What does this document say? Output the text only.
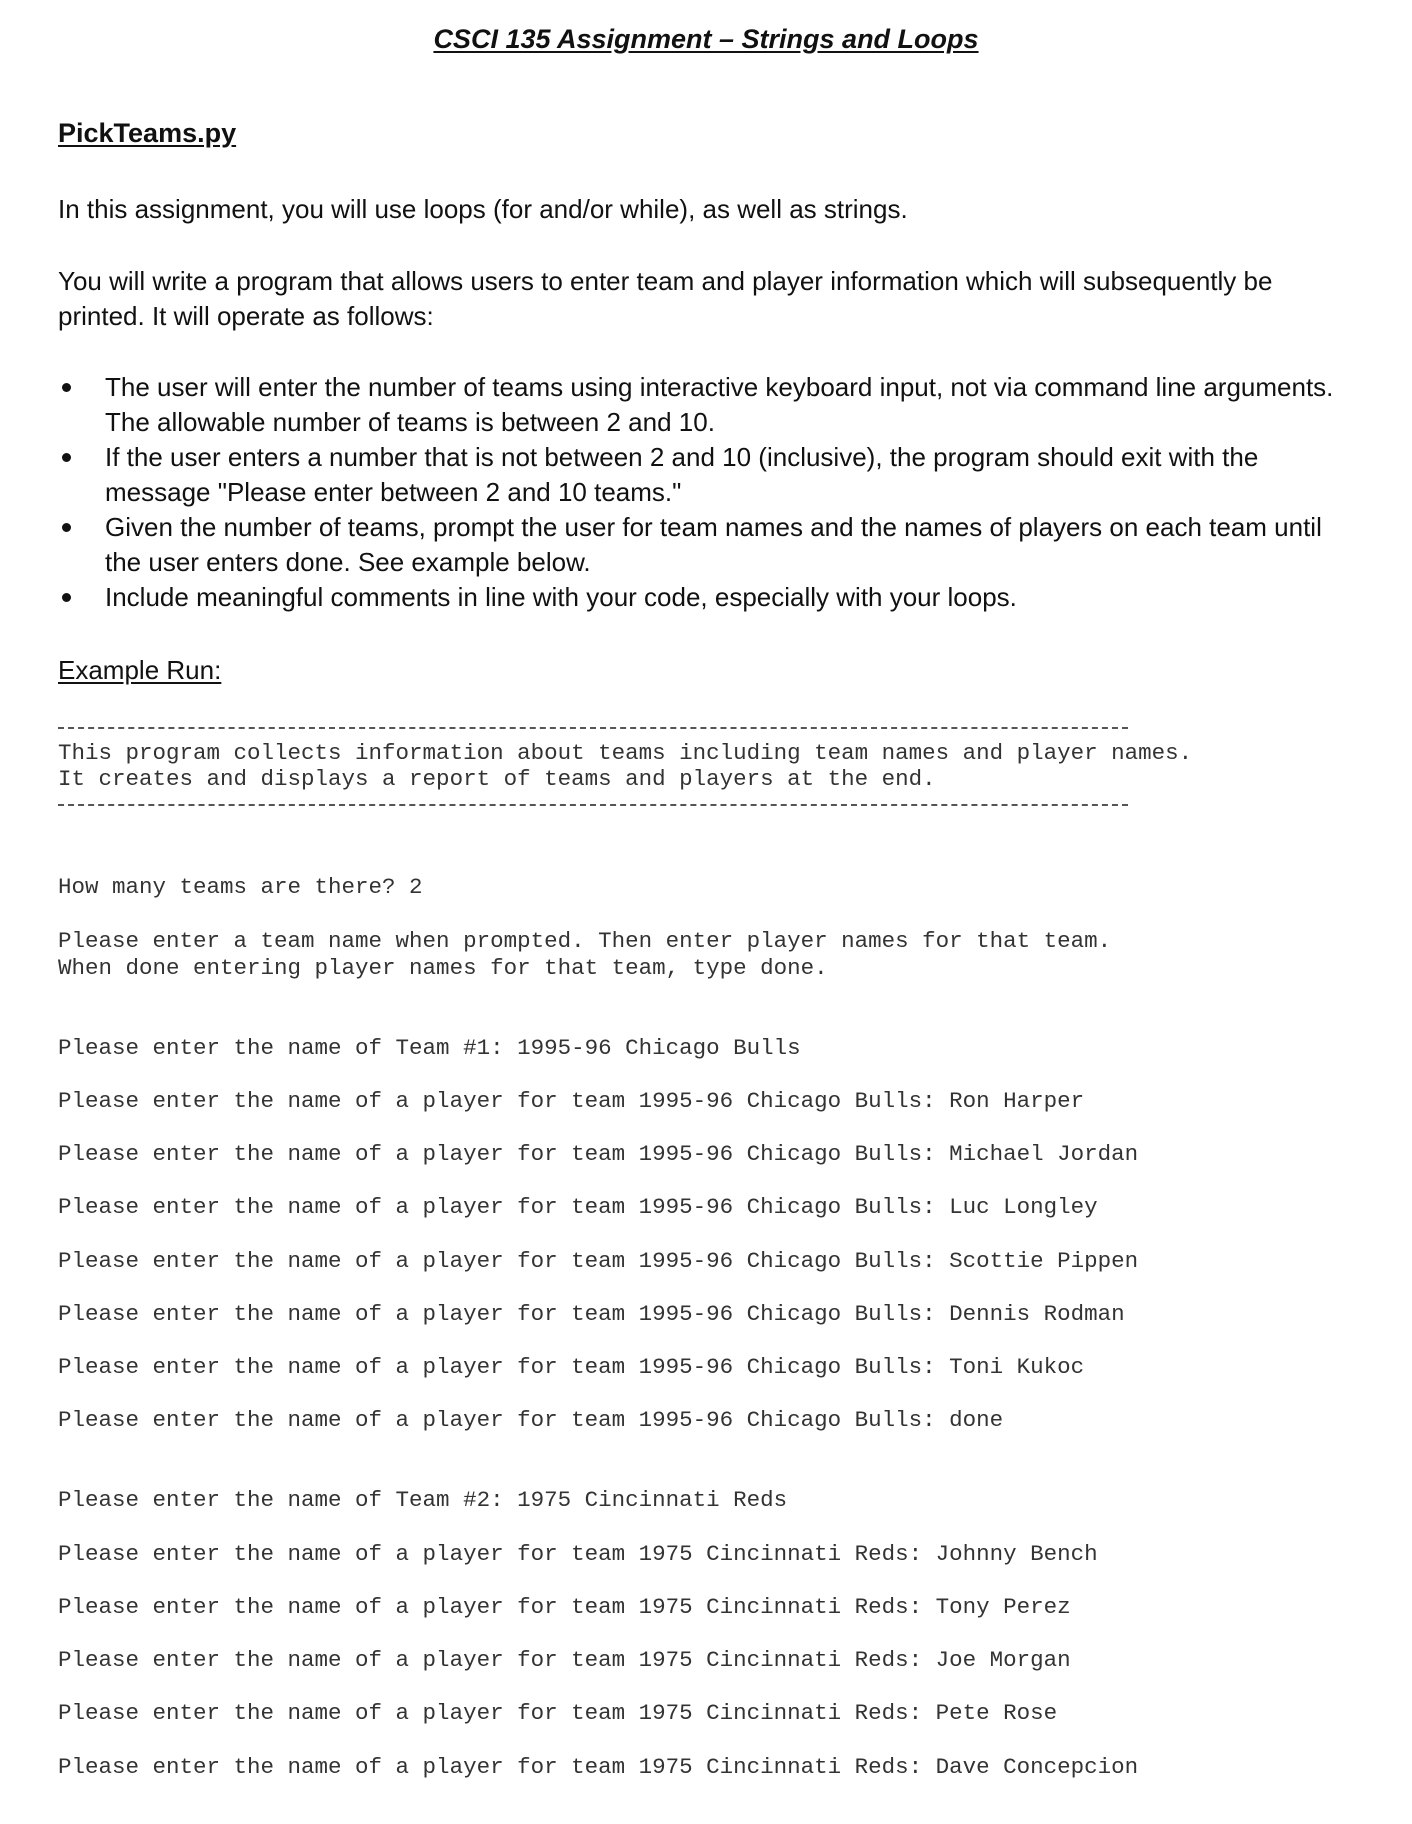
CSCI 135 Assignment – Strings and Loops
PickTeams.py
In this assignment, you will use loops (for and/or while), as well as strings.
You will write a program that allows users to enter team and player information which will subsequently be printed. It will operate as follows:
The user will enter the number of teams using interactive keyboard input, not via command line arguments. The allowable number of teams is between 2 and 10.
If the user enters a number that is not between 2 and 10 (inclusive), the program should exit with the message "Please enter between 2 and 10 teams."
Given the number of teams, prompt the user for team names and the names of players on each team until the user enters done. See example below.
Include meaningful comments in line with your code, especially with your loops.
Example Run:
This program collects information about teams including team names and player names.
It creates and displays a report of teams and players at the end.
How many teams are there? 2
Please enter a team name when prompted. Then enter player names for that team.
When done entering player names for that team, type done.
Please enter the name of Team #1: 1995-96 Chicago Bulls
Please enter the name of a player for team 1995-96 Chicago Bulls: Ron Harper
Please enter the name of a player for team 1995-96 Chicago Bulls: Michael Jordan
Please enter the name of a player for team 1995-96 Chicago Bulls: Luc Longley
Please enter the name of a player for team 1995-96 Chicago Bulls: Scottie Pippen
Please enter the name of a player for team 1995-96 Chicago Bulls: Dennis Rodman
Please enter the name of a player for team 1995-96 Chicago Bulls: Toni Kukoc
Please enter the name of a player for team 1995-96 Chicago Bulls: done
Please enter the name of Team #2: 1975 Cincinnati Reds
Please enter the name of a player for team 1975 Cincinnati Reds: Johnny Bench
Please enter the name of a player for team 1975 Cincinnati Reds: Tony Perez
Please enter the name of a player for team 1975 Cincinnati Reds: Joe Morgan
Please enter the name of a player for team 1975 Cincinnati Reds: Pete Rose
Please enter the name of a player for team 1975 Cincinnati Reds: Dave Concepcion
